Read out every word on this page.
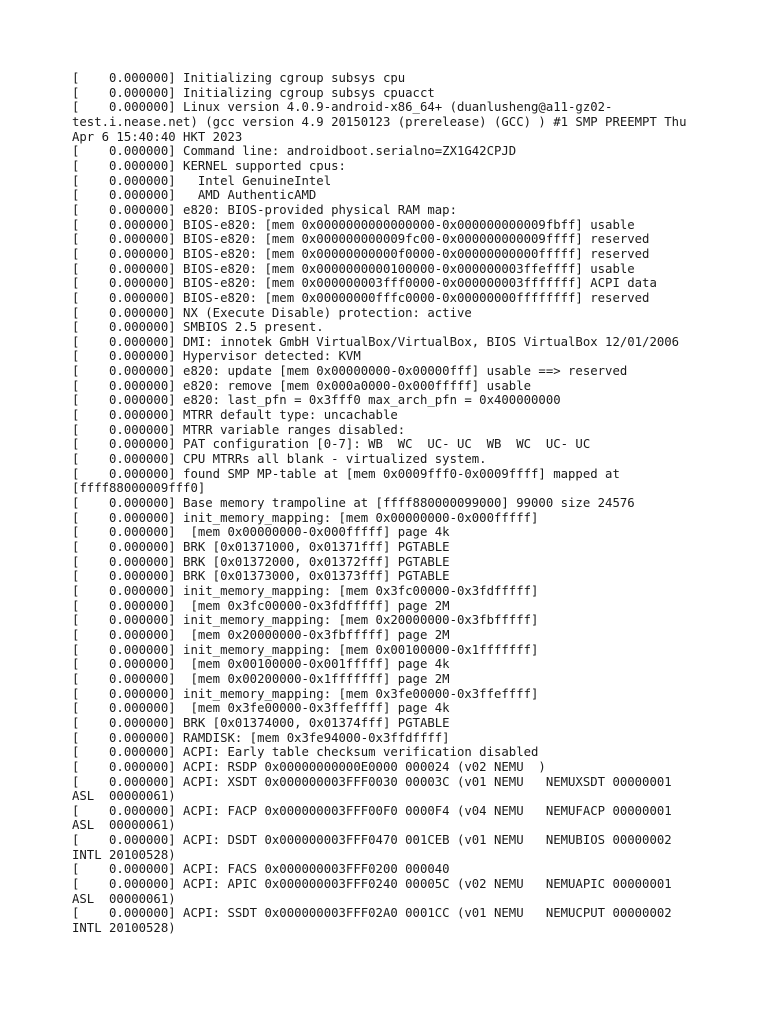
[    0.000000] Initializing cgroup subsys cpu
[    0.000000] Initializing cgroup subsys cpuacct
[    0.000000] Linux version 4.0.9-android-x86_64+ (duanlusheng@a11-gz02-
test.i.nease.net) (gcc version 4.9 20150123 (prerelease) (GCC) ) #1 SMP PREEMPT Thu
Apr 6 15:40:40 HKT 2023
[    0.000000] Command line: androidboot.serialno=ZX1G42CPJD
[    0.000000] KERNEL supported cpus:
[    0.000000]   Intel GenuineIntel
[    0.000000]   AMD AuthenticAMD
[    0.000000] e820: BIOS-provided physical RAM map:
[    0.000000] BIOS-e820: [mem 0x0000000000000000-0x000000000009fbff] usable
[    0.000000] BIOS-e820: [mem 0x000000000009fc00-0x000000000009ffff] reserved
[    0.000000] BIOS-e820: [mem 0x00000000000f0000-0x00000000000fffff] reserved
[    0.000000] BIOS-e820: [mem 0x0000000000100000-0x000000003ffeffff] usable
[    0.000000] BIOS-e820: [mem 0x000000003fff0000-0x000000003fffffff] ACPI data
[    0.000000] BIOS-e820: [mem 0x00000000fffc0000-0x00000000ffffffff] reserved
[    0.000000] NX (Execute Disable) protection: active
[    0.000000] SMBIOS 2.5 present.
[    0.000000] DMI: innotek GmbH VirtualBox/VirtualBox, BIOS VirtualBox 12/01/2006
[    0.000000] Hypervisor detected: KVM
[    0.000000] e820: update [mem 0x00000000-0x00000fff] usable ==> reserved
[    0.000000] e820: remove [mem 0x000a0000-0x000fffff] usable
[    0.000000] e820: last_pfn = 0x3fff0 max_arch_pfn = 0x400000000
[    0.000000] MTRR default type: uncachable
[    0.000000] MTRR variable ranges disabled:
[    0.000000] PAT configuration [0-7]: WB  WC  UC- UC  WB  WC  UC- UC
[    0.000000] CPU MTRRs all blank - virtualized system.
[    0.000000] found SMP MP-table at [mem 0x0009fff0-0x0009ffff] mapped at
[ffff88000009fff0]
[    0.000000] Base memory trampoline at [ffff880000099000] 99000 size 24576
[    0.000000] init_memory_mapping: [mem 0x00000000-0x000fffff]
[    0.000000]  [mem 0x00000000-0x000fffff] page 4k
[    0.000000] BRK [0x01371000, 0x01371fff] PGTABLE
[    0.000000] BRK [0x01372000, 0x01372fff] PGTABLE
[    0.000000] BRK [0x01373000, 0x01373fff] PGTABLE
[    0.000000] init_memory_mapping: [mem 0x3fc00000-0x3fdfffff]
[    0.000000]  [mem 0x3fc00000-0x3fdfffff] page 2M
[    0.000000] init_memory_mapping: [mem 0x20000000-0x3fbfffff]
[    0.000000]  [mem 0x20000000-0x3fbfffff] page 2M
[    0.000000] init_memory_mapping: [mem 0x00100000-0x1fffffff]
[    0.000000]  [mem 0x00100000-0x001fffff] page 4k
[    0.000000]  [mem 0x00200000-0x1fffffff] page 2M
[    0.000000] init_memory_mapping: [mem 0x3fe00000-0x3ffeffff]
[    0.000000]  [mem 0x3fe00000-0x3ffeffff] page 4k
[    0.000000] BRK [0x01374000, 0x01374fff] PGTABLE
[    0.000000] RAMDISK: [mem 0x3fe94000-0x3ffdffff]
[    0.000000] ACPI: Early table checksum verification disabled
[    0.000000] ACPI: RSDP 0x00000000000E0000 000024 (v02 NEMU  )
[    0.000000] ACPI: XSDT 0x000000003FFF0030 00003C (v01 NEMU   NEMUXSDT 00000001
ASL  00000061)
[    0.000000] ACPI: FACP 0x000000003FFF00F0 0000F4 (v04 NEMU   NEMUFACP 00000001
ASL  00000061)
[    0.000000] ACPI: DSDT 0x000000003FFF0470 001CEB (v01 NEMU   NEMUBIOS 00000002
INTL 20100528)
[    0.000000] ACPI: FACS 0x000000003FFF0200 000040
[    0.000000] ACPI: APIC 0x000000003FFF0240 00005C (v02 NEMU   NEMUAPIC 00000001
ASL  00000061)
[    0.000000] ACPI: SSDT 0x000000003FFF02A0 0001CC (v01 NEMU   NEMUCPUT 00000002
INTL 20100528)
